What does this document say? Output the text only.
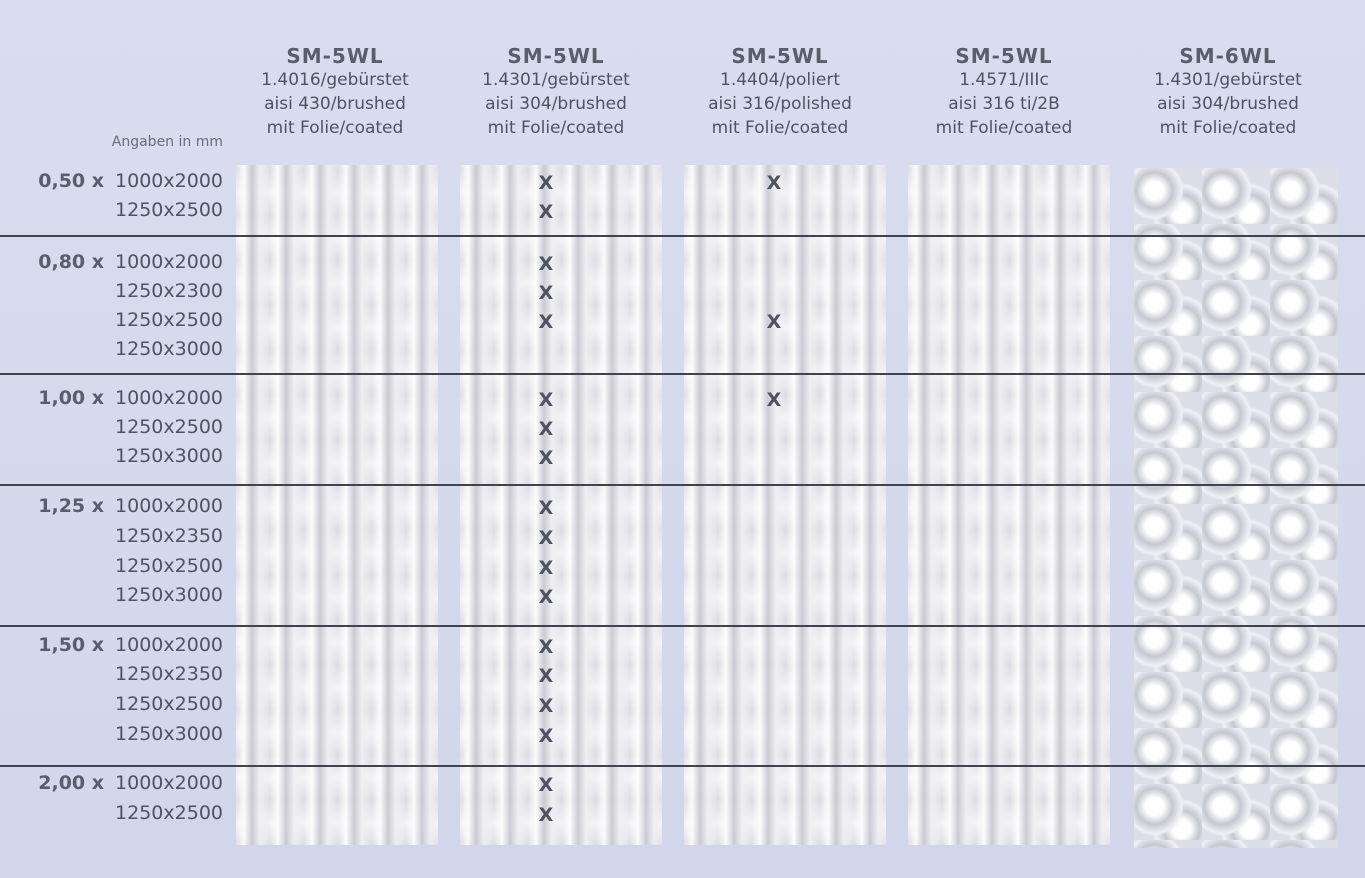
Angaben in mm
SM-5WL
1.4016/gebürstet
aisi 430/brushed
mit Folie/coated
SM-5WL
1.4301/gebürstet
aisi 304/brushed
mit Folie/coated
SM-5WL
1.4404/poliert
aisi 316/polished
mit Folie/coated
SM-5WL
1.4571/IIIc
aisi 316 ti/2B
mit Folie/coated
SM-6WL
1.4301/gebürstet
aisi 304/brushed
mit Folie/coated
0,50 x 1000x2000
1250x2500
0,80 x 1000x2000
1250x2300
1250x2500
1250x3000
1,00 x 1000x2000
1250x2500
1250x3000
1,25 x 1000x2000
1250x2350
1250x2500
1250x3000
1,50 x 1000x2000
1250x2350
1250x2500
1250x3000
2,00 x 1000x2000
1250x2500
X
X
X
X
X
X
X
X
X
X
X
X
X
X
X
X
X
X
X
X
X
